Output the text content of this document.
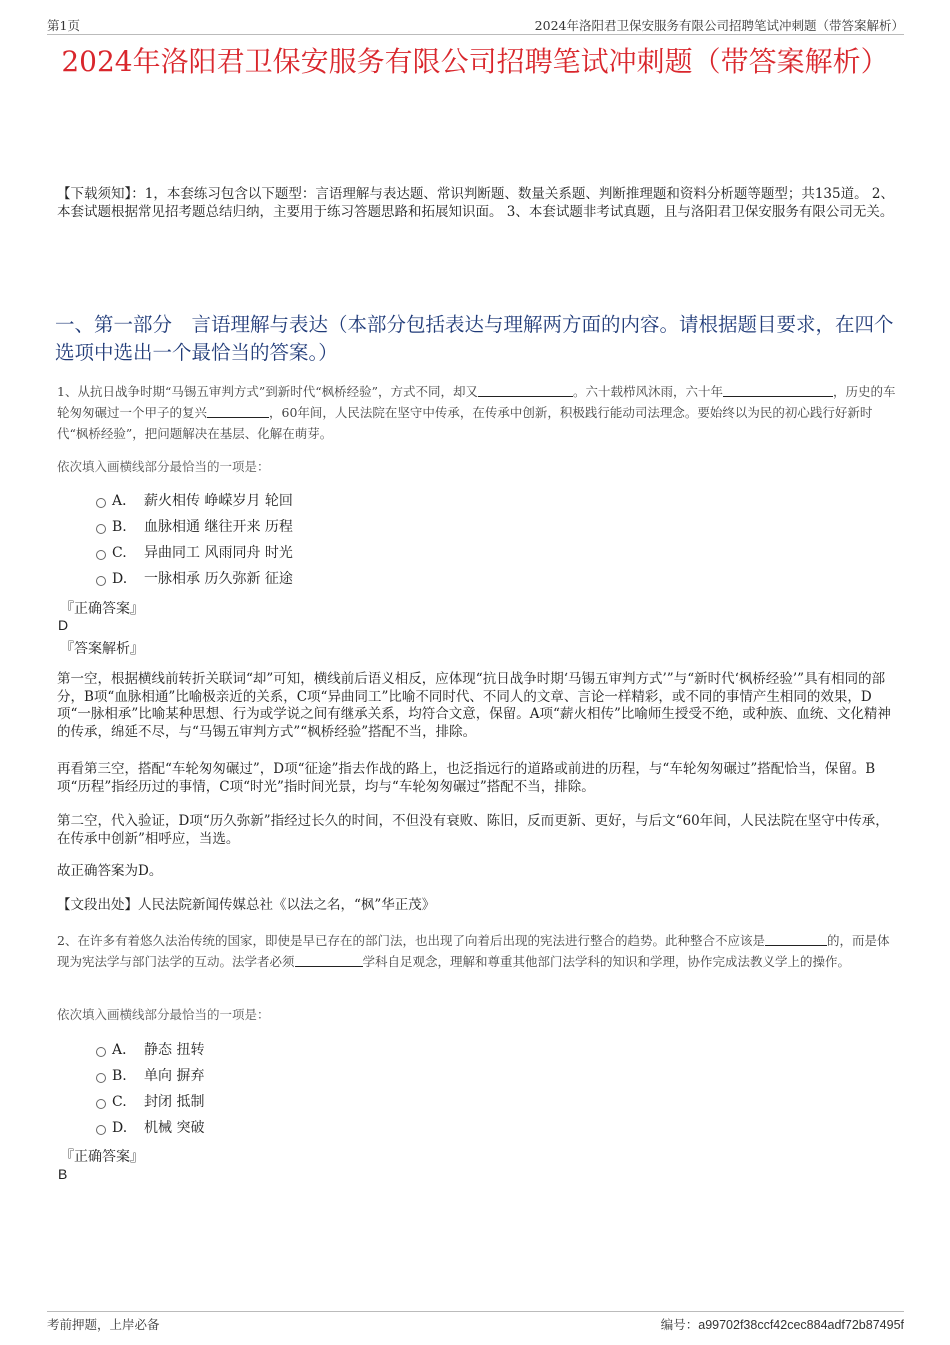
第1页	2024年洛阳君卫保安服务有限公司招聘笔试冲刺题（带答案解析）
2024年洛阳君卫保安服务有限公司招聘笔试冲刺题（带答案解析）
【下载须知】：1，本套练习包含以下题型：言语理解与表达题、常识判断题、数量关系题、判断推理题和资料分析题等题型；共135道。 2、本套试题根据常见招考题总结归纳，主要用于练习答题思路和拓展知识面。 3、本套试题非考试真题，且与洛阳君卫保安服务有限公司无关。
一、第一部分　言语理解与表达（本部分包括表达与理解两方面的内容。请根据题目要求，在四个选项中选出一个最恰当的答案。）
1、从抗日战争时期“马锡五审判方式”到新时代“枫桥经验”，方式不同，却又	。六十载栉风沐雨，六十年	，历史的车轮匆匆碾过一个甲子的复兴	，60年间，人民法院在坚守中传承，在传承中创新，积极践行能动司法理念。要始终以为民的初心践行好新时代“枫桥经验”，把问题解决在基层、化解在萌芽。
依次填入画横线部分最恰当的一项是：
A． 薪火相传 峥嵘岁月 轮回
B. 血脉相通 继往开来 历程
C. 异曲同工 风雨同舟 时光
D. 一脉相承 历久弥新 征途
『正确答案』
D
『答案解析』
第一空，根据横线前转折关联词“却”可知，横线前后语义相反，应体现“抗日战争时期‘马锡五审判方式’”与“新时代‘枫桥经验’”具有相同的部分，B项“血脉相通”比喻极亲近的关系，C项“异曲同工”比喻不同时代、不同人的文章、言论一样精彩，或不同的事情产生相同的效果，D项“一脉相承”比喻某种思想、行为或学说之间有继承关系，均符合文意，保留。A项“薪火相传”比喻师生授受不绝，或种族、血统、文化精神的传承，绵延不尽，与“马锡五审判方式”“枫桥经验”搭配不当，排除。
再看第三空，搭配“车轮匆匆碾过”，D项“征途”指去作战的路上，也泛指远行的道路或前进的历程，与“车轮匆匆碾过”搭配恰当，保留。B项“历程”指经历过的事情，C项“时光”指时间光景，均与“车轮匆匆碾过”搭配不当，排除。
第二空，代入验证，D项“历久弥新”指经过长久的时间，不但没有衰败、陈旧，反而更新、更好，与后文“60年间，人民法院在坚守中传承，在传承中创新”相呼应，当选。
故正确答案为D。
【文段出处】人民法院新闻传媒总社《以法之名，“枫”华正茂》
2、在许多有着悠久法治传统的国家，即使是早已存在的部门法，也出现了向着后出现的宪法进行整合的趋势。此种整合不应该是	的，而是体现为宪法学与部门法学的互动。法学者必须	学科自足观念，理解和尊重其他部门法学科的知识和学理，协作完成法教义学上的操作。
依次填入画横线部分最恰当的一项是：
A． 静态 扭转
B. 单向 摒弃
C. 封闭 抵制
D. 机械 突破
『正确答案』
B
考前押题，上岸必备	编号：a99702f38ccf42cec884adf72b87495f
